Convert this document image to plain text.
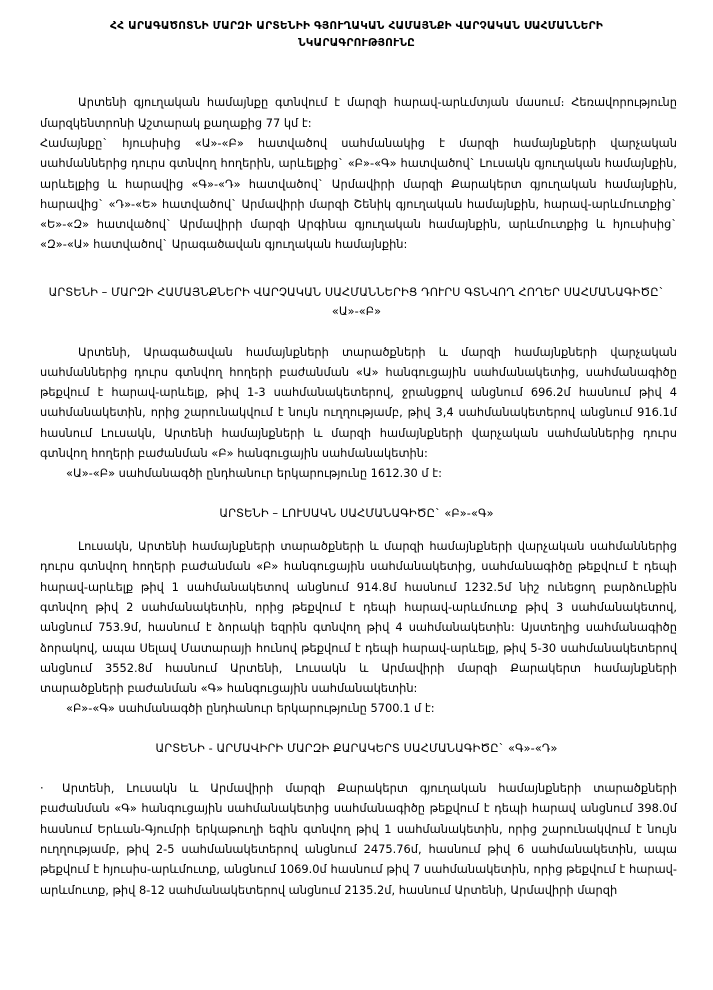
ՀՀ ԱՐԱԳԱԾՈՏՆԻ ՄԱՐԶԻ ԱՐՏԵՆԻԻ ԳՅՈՒՂԱԿԱՆ ՀԱՄԱՅՆՔԻ ՎԱՐՉԱԿԱՆ ՍԱՀՄԱՆՆԵՐԻ ՆԿԱՐԱԳՐՈՒԹՅՈՒՆԸ

Արտենի գյուղական համայնքը գտնվում է մարզի հարավ-արևմտյան մասում։ Հեռավորությունը մարզկենտրոնի Աշտարակ քաղաքից 77 կմ է:

Համայնքը` հյուսիսից «Ա»-«Բ» հատվածով սահմանակից է մարզի համայնքների վարչական սահմաններից դուրս գտնվող հողերին, արևելքից` «Բ»-«Գ» հատվածով` Լուսակն գյուղական համայնքին, արևելքից և հարավից «Գ»-«Դ» հատվածով` Արմավիրի մարզի Քարակերտ գյուղական համայնքին, հարավից` «Դ»-«Ե» հատվածով` Արմավիրի մարզի Շենիկ գյուղական համայնքին, հարավ-արևմուտքից` «Ե»-«Զ» հատվածով` Արմավիրի մարզի Արգինա գյուղական համայնքին, արևմուտքից և հյուսիսից` «Զ»-«Ա» հատվածով` Արագածավան գյուղական համայնքին:

ԱՐՏԵՆԻ – ՄԱՐԶԻ ՀԱՄԱՅՆՔՆԵՐԻ ՎԱՐՉԱԿԱՆ ՍԱՀՄԱՆՆԵՐԻՑ ԴՈՒՐՍ ԳՏՆՎՈՂ ՀՈՂԵՐ ՍԱՀՄԱՆԱԳԻԾԸ` «Ա»-«Բ»

Արտենի, Արագածավան համայնքների տարածքների և մարզի համայնքների վարչական սահմաններից դուրս գտնվող հողերի բաժանման «Ա» հանգուցային սահմանակետից, սահմանագիծը թեքվում է հարավ-արևելք, թիվ 1-3 սահմանակետերով, ջրանցքով անցնում 696.2մ հասնում թիվ 4 սահմանակետին, որից շարունակվում է նույն ուղղությամբ, թիվ 3,4 սահմանակետերով անցնում 916.1մ հասնում Լուսակն, Արտենի համայնքների և մարզի համայնքների վարչական սահմաններից դուրս գտնվող հողերի բաժանման «Բ» հանգուցային սահմանակետին:

«Ա»-«Բ» սահմանագծի ընդհանուր երկարությունը 1612.30 մ է:

ԱՐՏԵՆԻ – ԼՈՒՍԱԿՆ ՍԱՀՄԱՆԱԳԻԾԸ` «Բ»-«Գ»

Լուսակն, Արտենի համայնքների տարածքների և մարզի համայնքների վարչական սահմաններից դուրս գտնվող հողերի բաժանման «Բ» հանգուցային սահմանակետից, սահմանագիծը թեքվում է դեպի հարավ-արևելք թիվ 1 սահմանակետով անցնում 914.8մ հասնում 1232.5մ նիշ ունեցող բարձունքին գտնվող թիվ 2 սահմանակետին, որից թեքվում է դեպի հարավ-արևմուտք թիվ 3 սահմանակետով, անցնում 753.9մ, հասնում է ձորակի եզրին գտնվող թիվ 4 սահմանակետին: Այստեղից սահմանագիծը ձորակով, ապա Սելավ Մատարայի հունով թեքվում է դեպի հարավ-արևելք, թիվ 5-30 սահմանակետերով անցնում 3552.8մ հասնում Արտենի, Լուսակն և Արմավիրի մարզի Քարակերտ համայնքների տարածքների բաժանման «Գ» հանգուցային սահմանակետին:

«Բ»-«Գ» սահմանագծի ընդհանուր երկարությունը 5700.1 մ է:

ԱՐՏԵՆԻ - ԱՐՄԱՎԻՐԻ ՄԱՐԶԻ ՔԱՐԱԿԵՐՏ ՍԱՀՄԱՆԱԳԻԾԸ` «Գ»-«Դ»

· Արտենի, Լուսակն և Արմավիրի մարզի Քարակերտ գյուղական համայնքների տարածքների բաժանման «Գ» հանգուցային սահմանակետից սահմանագիծը թեքվում է դեպի հարավ անցնում 398.0մ հասնում Երևան-Գյումրի երկաթուղի եզին գտնվող թիվ 1 սահմանակետին, որից շարունակվում է նույն ուղղությամբ, թիվ 2-5 սահմանակետերով անցնում 2475.76մ, հասնում թիվ 6 սահմանակետին, ապա թեքվում է հյուսիս-արևմուտք, անցնում 1069.0մ հասնում թիվ 7 սահմանակետին, որից թեքվում է հարավ-արևմուտք, թիվ 8-12 սահմանակետերով անցնում 2135.2մ, հասնում Արտենի, Արմավիրի մարզի
